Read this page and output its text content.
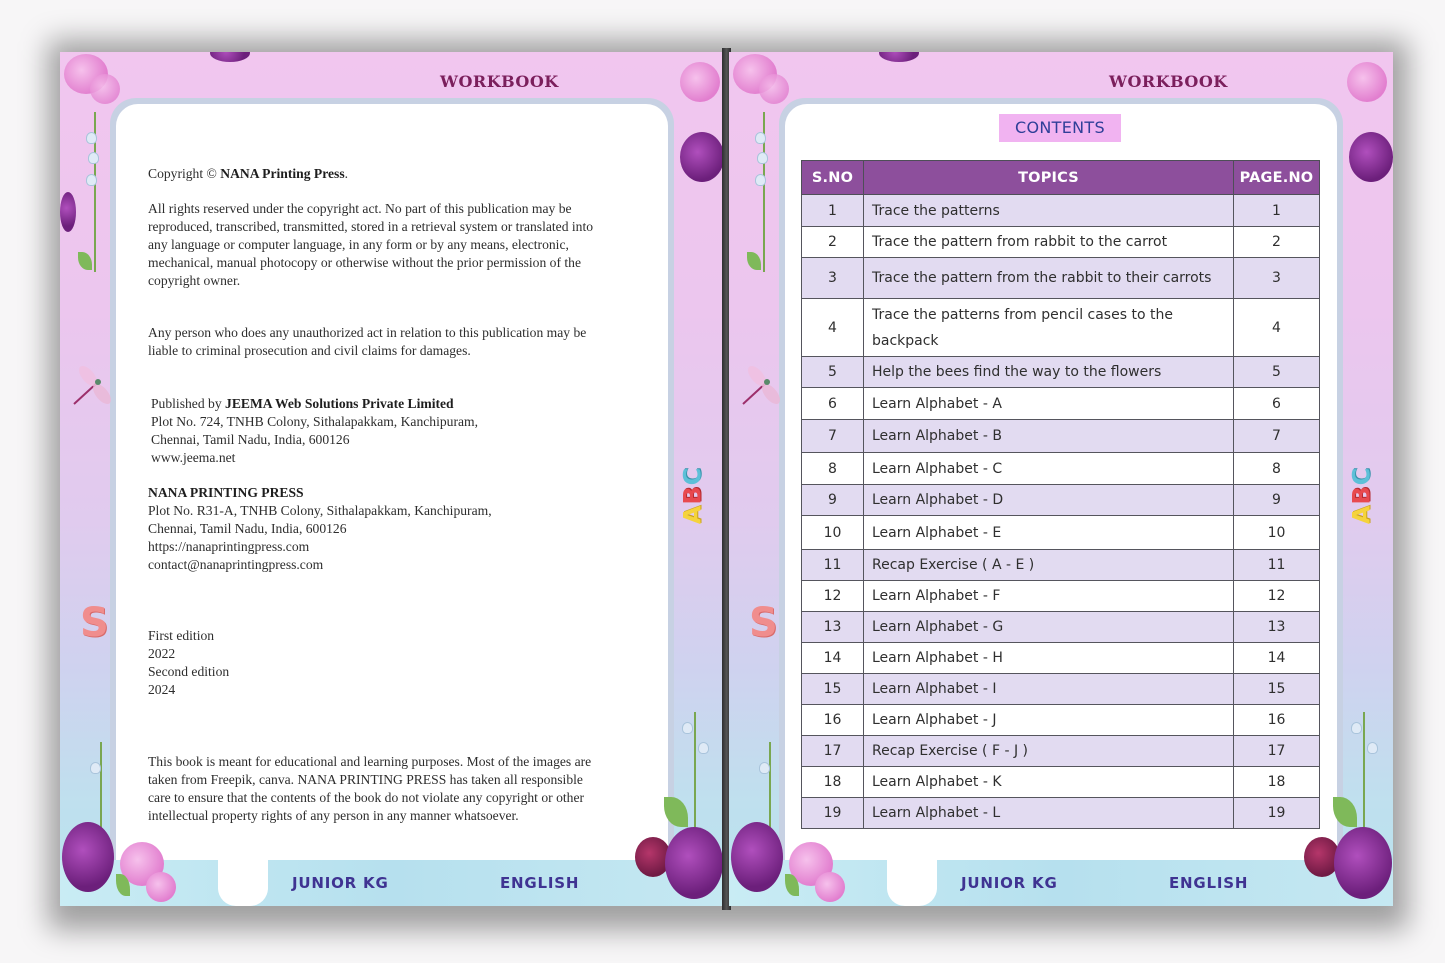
WORKBOOK

Copyright © NANA Printing Press.

All rights reserved under the copyright act. No part of this publication may be
reproduced, transcribed, transmitted, stored in a retrieval system or translated into
any language or computer language, in any form or by any means, electronic,
mechanical, manual photocopy or otherwise without the prior permission of the
copyright owner.

Any person who does any unauthorized act in relation to this publication may be
liable to criminal prosecution and civil claims for damages.

Published by JEEMA Web Solutions Private Limited
Plot No. 724, TNHB Colony, Sithalapakkam, Kanchipuram,
Chennai, Tamil Nadu, India, 600126
www.jeema.net

NANA PRINTING PRESS
Plot No. R31-A, TNHB Colony, Sithalapakkam, Kanchipuram,
Chennai, Tamil Nadu, India, 600126
https://nanaprintingpress.com
contact@nanaprintingpress.com

First edition
2022
Second edition
2024

This book is meant for educational and learning purposes. Most of the images are
taken from Freepik, canva. NANA PRINTING PRESS has taken all responsible
care to ensure that the contents of the book do not violate any copyright or other
intellectual property rights of any person in any manner whatsoever.

S
A
B
C
JUNIOR KG	ENGLISH
WORKBOOK
CONTENTS
S.NO	TOPICS	PAGE.NO
1	Trace the patterns	1
2	Trace the pattern from rabbit to the carrot	2
3	Trace the pattern from the rabbit to their carrots	3
4	Trace the patterns from pencil cases to the backpack	4
5	Help the bees find the way to the flowers	5
6	Learn Alphabet - A	6
7	Learn Alphabet - B	7
8	Learn Alphabet - C	8
9	Learn Alphabet - D	9
10	Learn Alphabet - E	10
11	Recap Exercise ( A - E )	11
12	Learn Alphabet - F	12
13	Learn Alphabet - G	13
14	Learn Alphabet - H	14
15	Learn Alphabet - I	15
16	Learn Alphabet - J	16
17	Recap Exercise ( F - J )	17
18	Learn Alphabet - K	18
19	Learn Alphabet - L	19
S
A
B
C
JUNIOR KG	ENGLISH
